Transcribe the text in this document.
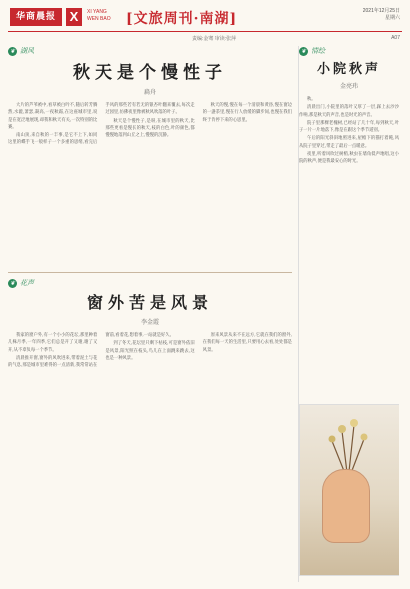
华商晨报	X	XI YANG
WEN BAO [文旅周刊·南湖]	2021年12月25日
星期六
责编:金骞 审读:张萍	A07
❦ 湖风
秋天是个慢性子
扁舟

大片的芦苇被中,看草被白吟不,随后转芳腾然,水漉,萧瑟,凝高,一夜秋霜,在这座城市里,说是在宽泛地展现,却我和秋天有关,一次特别的比赛。

南山顶,来自秋的一丰事,是它不上下,如同这里的蝶手飞一般样子一个多重的思绪,看完后手风的那些若有若无的银杏叶翻来覆去,每次走过园里,仿佛夜里像被秋风吹落的叶子。

秋天是个慢性子,是呀,在城市里的秋天,比那些更看是慢长的秋天,枝的白色,叶的颜色,都慢慢地落到山丘之上,慢慢的沉静。

秋天的慢,慢在每一个清晨和黄昏,慢在窗边的一盏茶里,慢在行人放缓的脚步间,也慢在我们终于肯停下来的心思里。

❦ 花声
窗外苦是风景
李金霞

我家的窗户外,有一个小小的花坛,那里种着几株月季,一年四季,它们总是开了又谢,谢了又开,从不辜负每一个季节。

清晨推开窗,窗外的风吹进来,带着泥土与花的气息,那是城市里难得的一点清新,我常常站在窗前,看着花,想着事,一站就是好久。

到了冬天,花坛里只剩下枯枝,可是窗外依旧是风景,阳光照在枝头,鸟儿在上面跳来跳去,这也是一种风景。

原来风景从来不在远方,它就在我们的窗外,在我们每一天的生活里,只要用心去看,处处都是风景。

❦ 情绘
小院秋声
金亮玮

秋。

清晨出门,小院里的落叶又厚了一层,踩上去沙沙作响,那是秋天的声音,也是时光的声音。

院子里那棵老槐树,已经站了几十年,每到秋天,叶子一片一片地落下,像是在跟这个季节道别。

午后的阳光斜斜地照进来,屋檐下的猫打着盹,风从院子里穿过,带走了最后一点暖意。

夜里,听着风吹过树梢,秋虫在墙角低声地唱,这小院的秋声,便是我最安心的时光。
